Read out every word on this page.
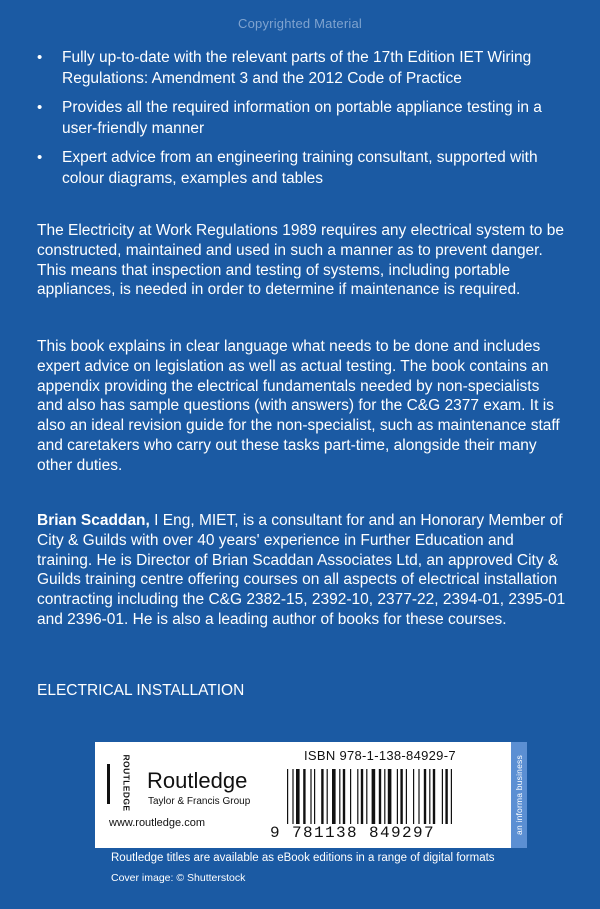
Copyrighted Material
• Fully up-to-date with the relevant parts of the 17th Edition IET Wiring Regulations: Amendment 3 and the 2012 Code of Practice
• Provides all the required information on portable appliance testing in a user-friendly manner
• Expert advice from an engineering training consultant, supported with colour diagrams, examples and tables

The Electricity at Work Regulations 1989 requires any electrical system to be constructed, maintained and used in such a manner as to prevent danger. This means that inspection and testing of systems, including portable appliances, is needed in order to determine if maintenance is required.

This book explains in clear language what needs to be done and includes expert advice on legislation as well as actual testing. The book contains an appendix providing the electrical fundamentals needed by non-specialists and also has sample questions (with answers) for the C&G 2377 exam. It is also an ideal revision guide for the non-specialist, such as maintenance staff and caretakers who carry out these tasks part-time, alongside their many other duties.

Brian Scaddan, I Eng, MIET, is a consultant for and an Honorary Member of City & Guilds with over 40 years' experience in Further Education and training. He is Director of Brian Scaddan Associates Ltd, an approved City & Guilds training centre offering courses on all aspects of electrical installation contracting including the C&G 2382-15, 2392-10, 2377-22, 2394-01, 2395-01 and 2396-01. He is also a leading author of books for these courses.

ELECTRICAL INSTALLATION

ROUTLEDGE Routledge
Taylor & Francis Group
www.routledge.com
ISBN 978-1-138-84929-7
9 781138 849297	an informa business
Routledge titles are available as eBook editions in a range of digital formats
Cover image: © Shutterstock
